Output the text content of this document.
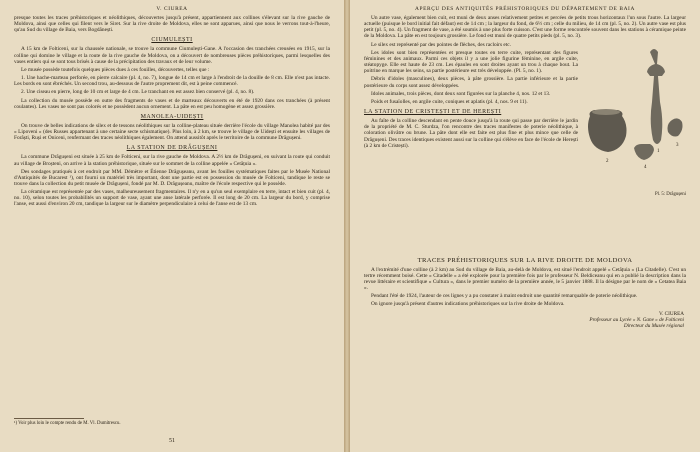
V. CIUREA

presque toutes les traces préhistoriques et néolithiques, découvertes jusqu'à présent, appartiennent aux collines s'élevant sur la rive gauche de Moldova, ainsi que celles qui filent vers le Siret. Sur la rive droite de Moldova, elles ne sont apparues, ainsi que nous le verrons tout-à-l'heure, qu'au Sud du village de Baia, vers Bogdănești.

CIUMULEȘTI

A 15 km de Folticeni, sur la chaussée nationale, se trouve la commune Ciumulești-Gane. A l'occasion des tranchées creusées en 1915, sur la colline qui domine le village et la route de la rive gauche de Moldova, on a découvert de nombreuses pièces préhistoriques, parmi lesquelles des vases entiers qui se sont tous brisés à cause de la précipitation des travaux et de leur volume.

Le musée possède toutefois quelques pièces dues à ces fouilles, découvertes, telles que :

1. Une hache-marteau perforée, en pierre calcaire (pl. 4, no. 7), longue de 14 cm et large à l'endroit de la douille de 8 cm. Elle n'est pas intacte. Les bords en sont ébréchés. Un second trou, au-dessous de l'autre proprement dit, est à peine commencé.

2. Une ciseau en pierre, long de 10 cm et large de 4 cm. Le tranchant en est assez bien conservé (pl. 4, no. 8).

La collection du musée possède en outre des fragments de vases et de marteaux découverts en été de 1920 dans ces tranchées (à présent coulantes). Les vases ne sont pas colorés et ne possèdent aucun ornement. La pâte en est peu homogène et assez grossière.

MANOLEA-UIDEȘTI

On trouve de belles indications de silex et de tessons néolithiques sur la colline-plateau située derrière l'école du village Manolea habité par des « Lipoveni » (des Russes appartenant à une certaine secte schismatique). Plus loin, à 2 km, se trouve le village de Uidești et ensuite les villages de Forăști, Ruși et Oniceni, renfermant des traces néolithiques également. On attend aussitôt après le territoire de la commune Drăgușeni.

LA STATION DE DRĂGUȘENI

La commune Drăgușeni est située à 25 km de Folticeni, sur la rive gauche de Moldova. A 2½ km de Drăgușeni, en suivant la route qui conduit au village de Broșteni, on arrive à la station préhistorique, située sur le sommet de la colline appelée « Cetățuia ».

Des sondages pratiqués à cet endroit par MM. Démètre et Étienne Drăgușeanu, avant les fouilles systématiques faites par le Musée National d'Antiquités de Bucarest ¹), ont fourni un matériel très important, dont une partie est en possession du musée de Folticeni, tandique le reste se trouve dans la collection du petit musée de Drăgușeni, fondé par M. D. Drăgușeanu, maître de l'école respective qui le possède.

La céramique est représentée par des vases, malheureusement fragmentaires. Il n'y en a qu'un seul exemplaire en terre, intact et bien cuit (pl. 4, no. 10), selon toutes les probabilités un support de vase, ayant une anse latérale perforée. Il est long de 20 cm. La largeur du bord, y comprise l'anse, est aussi d'environ 20 cm, tandique la largeur sur le diamètre perpendiculaire à celui de l'anse est de 13 cm.

¹) Voir plus loin le compte rendu de M. Vl. Dumitrescu.
51
APERÇU DES ANTIQUITÉS PRÉHISTORIQUES DU DÉPARTEMENT DE BAIA

Un autre vase, également bien cuit, est muni de deux anses relativement petites et percées de petits trous horizontaux l'un sous l'autre. La largeur actuelle (puisque le bord initial fait défaut) est de 14 cm ; la largeur du fond, de 6½ cm ; celle du milieu, de 14 cm (pl. 5, no. 2). Un autre vase est plus petit (pl. 5, no. 4). Un fragment de vase, a été soumis à une plus forte cuisson. C'est une forme rencontrée souvent dans les stations à céramique peinte de la Moldova. La pâte en est toujours grossière. Le fond est muni de quatre petits pieds (pl. 5, no. 3).

Le silex est représenté par des pointes de flèches, des racloirs etc.

Les idoles sont bien représentées et presque toutes en terre cuite, représentant des figures féminines et des animaux. Parmi ces objets il y a une jolie figurine féminine, en argile cuite, stéatopyge. Elle est haute de 23 cm. Les épaules en sont droites ayant un trou à chaque bout. La poitrine en marque les seins, sa partie postérieure est très développée. (Pl. 5, no. 1).

Débris d'idoles (masculines), deux pièces, à pâte grossière. La partie inférieure et la partie postérieure du corps sont assez développées.

Idoles animales, trois pièces, dont deux sont figurées sur la planche 4, nos. 12 et 13.

Poids et fusaïolles, en argile cuite, coniques et aplatis (pl. 4, nos. 9 et 11).

LA STATION DE CRISTEȘTI ET DE HEREȘTI

Au faîte de la colline descendant en pente douce jusqu'à la route qui passe par derrière le jardin de la propriété de M. C. Sturdza, l'on rencontre des traces manifestes de poterie néolithique, à coloration olivâtre ou brune. La pâte dont elle est faite est plus fine et plus mince que celle de Drăgușeni. Des traces identiques existent aussi sur la colline qui s'élève en face de l'école de Herești (à 2 km de Cristești).

1
2
3
4
Pl. 5: Drăgușeni
TRACES PRÉHISTORIQUES SUR LA RIVE DROITE DE MOLDOVA

A l'extrémité d'une colline (à 2 km) au Sud du village de Baia, au-delà de Moldova, est situé l'endroit appelé « Cetățuia » (La Citadelle). C'est un tertre récemment boisé. Cette « Citadelle » a été explorée pour la première fois par le professeur N. Beldiceanu qui en a publié la description dans la revue littéraire et scientifique « Cultura », dans le premier numéro de la première année, le 5 janvier 1888. Il la désigne par le nom de « Cetatea Baia ».

Pendant l'été de 1924, l'auteur de ces lignes y a pu constater à maint endroit une quantité remarquable de poterie néolithique.

On ignore jusqu'à présent d'autres indications préhistoriques sur la rive droite de Moldova.

V. CIUREA
Professeur au Lycée « N. Gane » de Folticeni
Directeur du Musée régional
